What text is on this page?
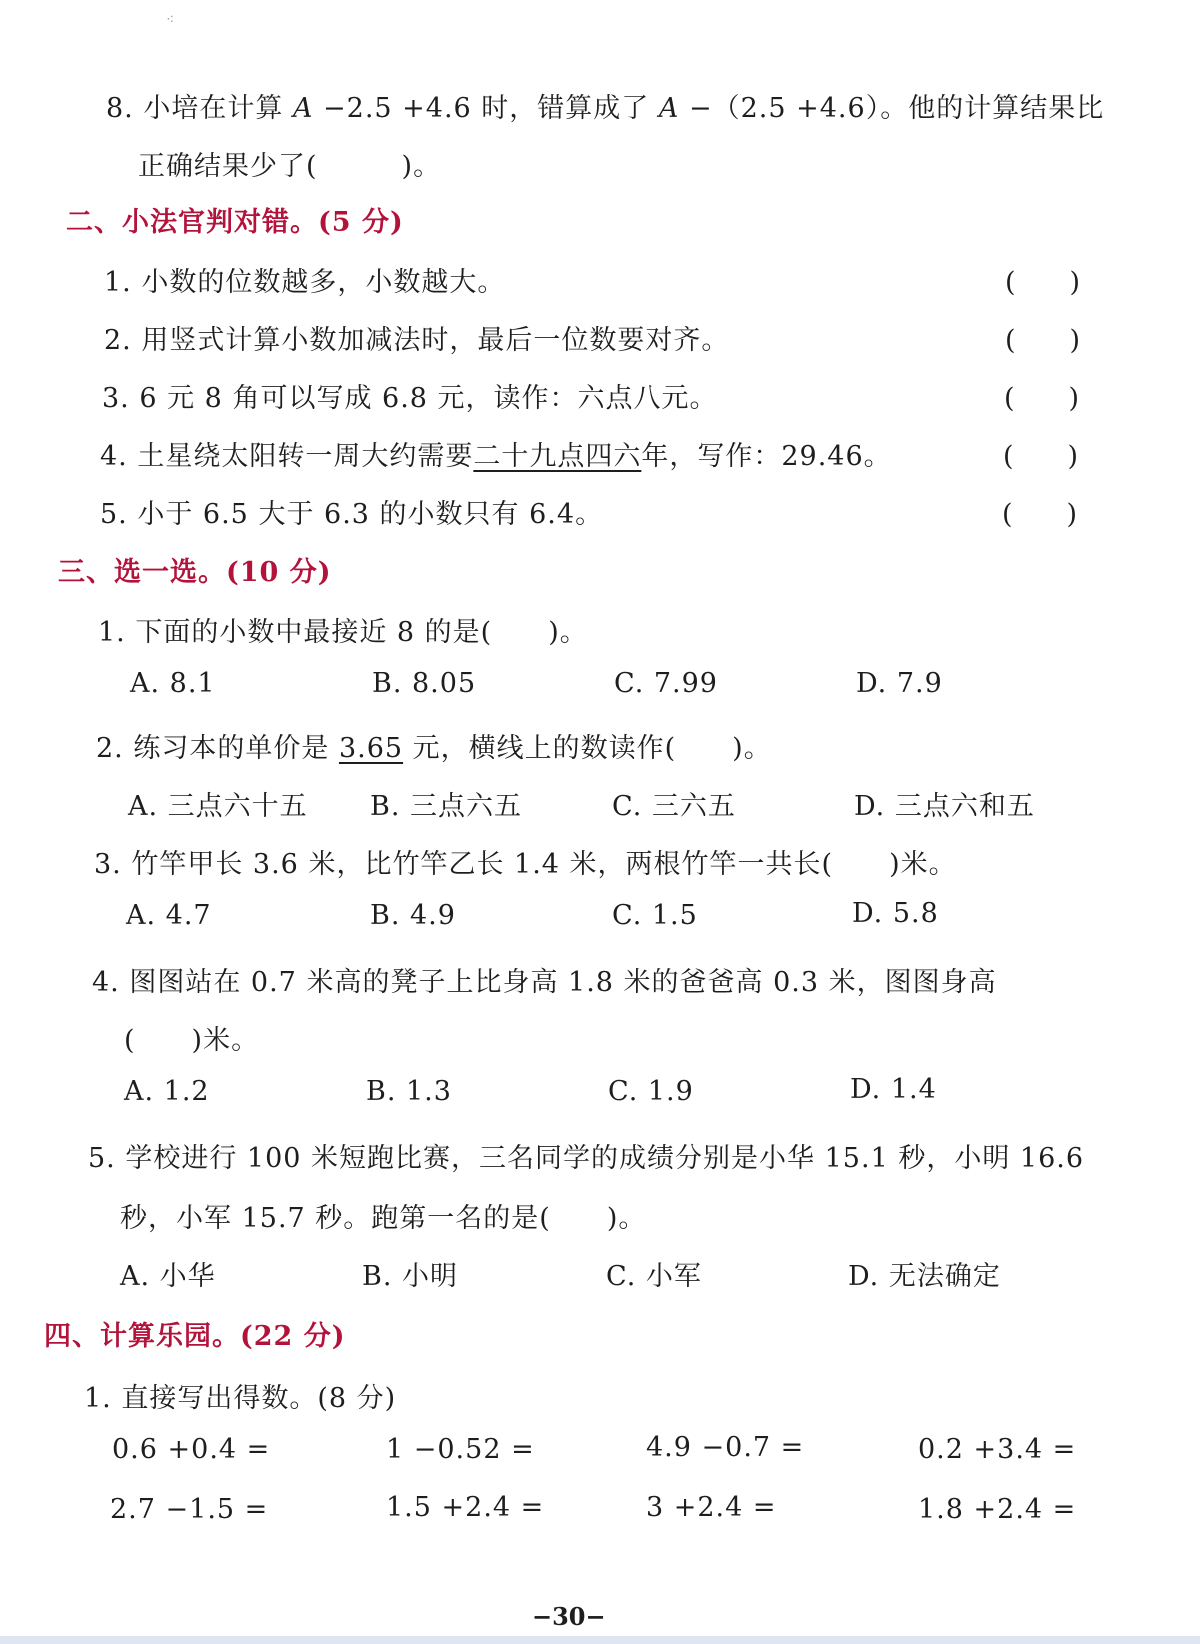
⁖
8. 小培在计算 A −2.5 +4.6 时，错算成了 A −（2.5 +4.6）。他的计算结果比
正确结果少了(　　　)。
二、小法官判对错。(5 分)
1. 小数的位数越多，小数越大。	(　　)
2. 用竖式计算小数加减法时，最后一位数要对齐。	(　　)
3. 6 元 8 角可以写成 6.8 元，读作：六点八元。	(　　)
4. 土星绕太阳转一周大约需要二十九点四六年，写作：29.46。	(　　)
5. 小于 6.5 大于 6.3 的小数只有 6.4。	(　　)
三、选一选。(10 分)
1. 下面的小数中最接近 8 的是(　　)。
A. 8.1	B. 8.05	C. 7.99	D. 7.9
2. 练习本的单价是 3.65 元，横线上的数读作(　　)。
A. 三点六十五 B. 三点六五	C. 三六五	D. 三点六和五
3. 竹竿甲长 3.6 米，比竹竿乙长 1.4 米，两根竹竿一共长(　　)米。
A. 4.7	B. 4.9	C. 1.5	D. 5.8
4. 图图站在 0.7 米高的凳子上比身高 1.8 米的爸爸高 0.3 米，图图身高
(　　)米。
A. 1.2	B. 1.3	C. 1.9	D. 1.4
5. 学校进行 100 米短跑比赛，三名同学的成绩分别是小华 15.1 秒，小明 16.6
秒，小军 15.7 秒。跑第一名的是(　　)。
A. 小华	B. 小明	C. 小军	D. 无法确定
四、计算乐园。(22 分)
1. 直接写出得数。(8 分)
0.6 +0.4 =	1 −0.52 =	4.9 −0.7 =	0.2 +3.4 =
2.7 −1.5 =	1.5 +2.4 =	3 +2.4 =	1.8 +2.4 =
−30−
